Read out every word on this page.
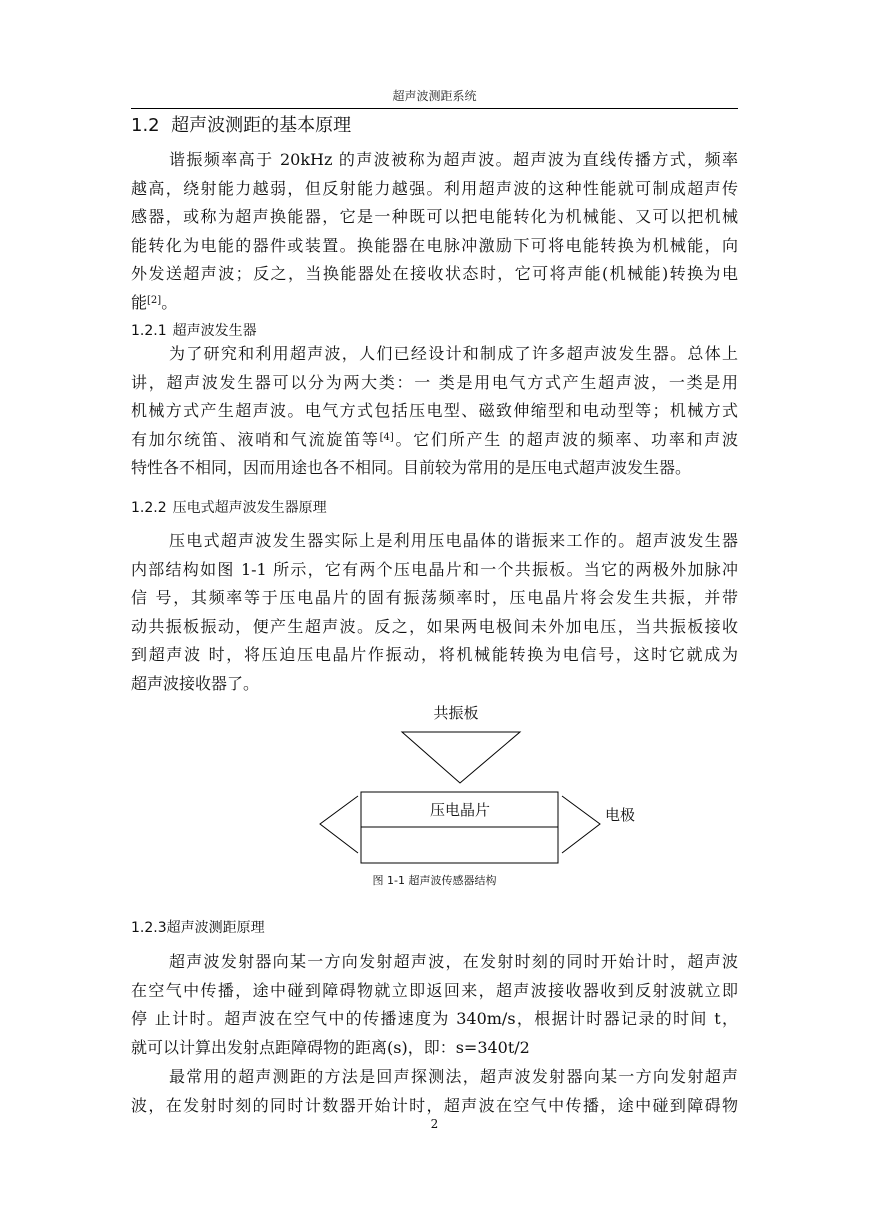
超声波测距系统
1.2 超声波测距的基本原理
谐振频率高于 20kHz 的声波被称为超声波。超声波为直线传播方式，频率
越高，绕射能力越弱，但反射能力越强。利用超声波的这种性能就可制成超声传
感器，或称为超声换能器，它是一种既可以把电能转化为机械能、又可以把机械
能转化为电能的器件或装置。换能器在电脉冲激励下可将电能转换为机械能，向
外发送超声波；反之，当换能器处在接收状态时，它可将声能(机械能)转换为电
能[2]。
1.2.1 超声波发生器
为了研究和利用超声波，人们已经设计和制成了许多超声波发生器。总体上
讲，超声波发生器可以分为两大类：一 类是用电气方式产生超声波，一类是用
机械方式产生超声波。电气方式包括压电型、磁致伸缩型和电动型等；机械方式
有加尔统笛、液哨和气流旋笛等[4]。它们所产生 的超声波的频率、功率和声波
特性各不相同，因而用途也各不相同。目前较为常用的是压电式超声波发生器。
1.2.2 压电式超声波发生器原理
压电式超声波发生器实际上是利用压电晶体的谐振来工作的。超声波发生器
内部结构如图 1-1 所示，它有两个压电晶片和一个共振板。当它的两极外加脉冲
信 号，其频率等于压电晶片的固有振荡频率时，压电晶片将会发生共振，并带
动共振板振动，便产生超声波。反之，如果两电极间未外加电压，当共振板接收
到超声波 时，将压迫压电晶片作振动，将机械能转换为电信号，这时它就成为
超声波接收器了。
共振板
压电晶片	电极
图 1-1 超声波传感器结构
1.2.3超声波测距原理
超声波发射器向某一方向发射超声波，在发射时刻的同时开始计时，超声波
在空气中传播，途中碰到障碍物就立即返回来，超声波接收器收到反射波就立即
停 止计时。超声波在空气中的传播速度为 340m/s，根据计时器记录的时间 t，
就可以计算出发射点距障碍物的距离(s)，即：s=340t/2
最常用的超声测距的方法是回声探测法，超声波发射器向某一方向发射超声
波，在发射时刻的同时计数器开始计时，超声波在空气中传播，途中碰到障碍物
2
